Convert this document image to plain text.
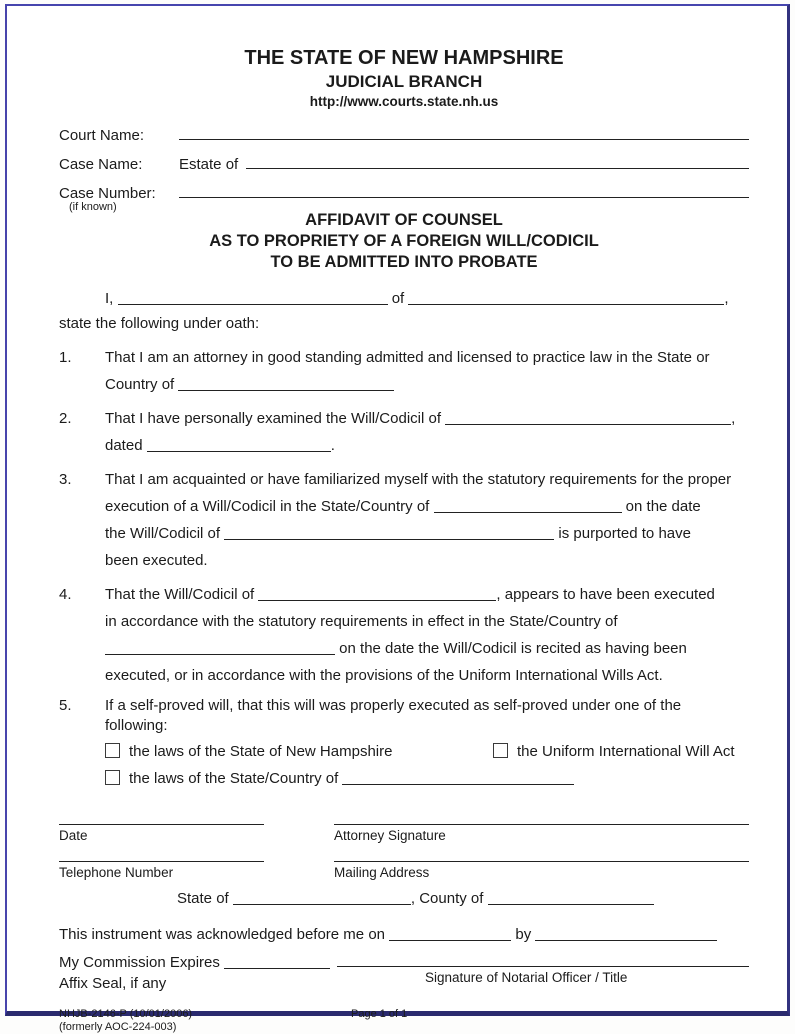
THE STATE OF NEW HAMPSHIRE
JUDICIAL BRANCH
http://www.courts.state.nh.us
Court Name:
Case Name:	Estate of
Case Number:
(if known)
AFFIDAVIT OF COUNSEL
AS TO PROPRIETY OF A FOREIGN WILL/CODICIL
TO BE ADMITTED INTO PROBATE
I,	of	,
state the following under oath:
1.	That I am an attorney in good standing admitted and licensed to practice law in the State or
Country of
2.	That I have personally examined the Will/Codicil of	,
dated	.
3.	That I am acquainted or have familiarized myself with the statutory requirements for the proper
execution of a Will/Codicil in the State/Country of	on the date
the Will/Codicil of	is purported to have
been executed.
4.	That the Will/Codicil of	, appears to have been executed
in accordance with the statutory requirements in effect in the State/Country of
on the date the Will/Codicil is recited as having been
executed, or in accordance with the provisions of the Uniform International Wills Act.
5.	If a self-proved will, that this will was properly executed as self-proved under one of the
following:
the laws of the State of New Hampshire	the Uniform International Will Act
the laws of the State/Country of
Date	Attorney Signature
Telephone Number	Mailing Address
State of	, County of
This instrument was acknowledged before me on	by
My Commission Expires
Affix Seal, if any	Signature of Notarial Officer / Title
NHJB-2146-P (10/01/2006)
(formerly AOC-224-003)
Page 1 of 1
